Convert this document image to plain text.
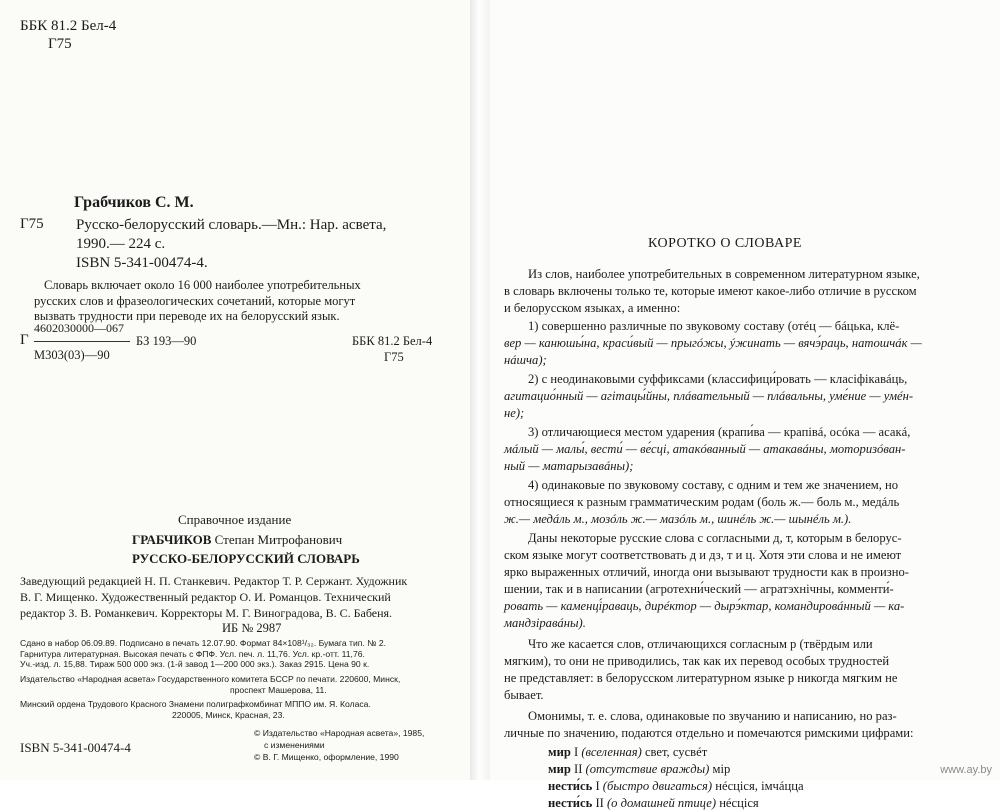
ББК 81.2 Бел-4
Г75
Грабчиков С. М.
Г75 Русско-белорусский словарь.—Мн.: Нар. асвета,
1990.— 224 с.
ISBN 5-341-00474-4.
Словарь включает около 16 000 наиболее употребительных
русских слов и фразеологических сочетаний, которые могут
вызвать трудности при переводе их на белорусский язык.
4602030000—067
Г	БЗ 193—90
М303(03)—90
ББК 81.2 Бел-4
Г75
Справочное издание
ГРАБЧИКОВ Степан Митрофанович
РУССКО-БЕЛОРУССКИЙ СЛОВАРЬ
Заведующий редакцией Н. П. Станкевич. Редактор Т. Р. Сержант. Художник
В. Г. Мищенко. Художественный редактор О. И. Романцов. Технический
редактор З. В. Романкевич. Корректоры М. Г. Виноградова, В. С. Бабеня.
ИБ № 2987
Сдано в набор 06.09.89. Подписано в печать 12.07.90. Формат 84×108¹/₃₂. Бумага тип. № 2.
Гарнитура литературная. Высокая печать с ФПФ. Усл. печ. л. 11,76. Усл. кр.-отт. 11,76.
Уч.-изд. л. 15,88. Тираж 500 000 экз. (1-й завод 1—200 000 экз.). Заказ 2915. Цена 90 к.
Издательство «Народная асвета» Государственного комитета БССР по печати. 220600, Минск,
проспект Машерова, 11.
Минский ордена Трудового Красного Знамени полиграфкомбинат МППО им. Я. Коласа.
220005, Минск, Красная, 23.
ISBN 5-341-00474-4
© Издательство «Народная асвета», 1985,
с изменениями
© В. Г. Мищенко, оформление, 1990
КОРОТКО О СЛОВАРЕ
Из слов, наиболее употребительных в современном литературном языке,
в словарь включены только те, которые имеют какое-либо отличие в русском
и белорусском языках, а именно:
1) совершенно различные по звуковому составу (отéц — бáцька, клё-
вер — канюшы́на, краси́вый — прыгóжы, ýжинать — вячэ́раць, натошчáк —
нáшча);
2) с неодинаковыми суффиксами (классифици́ровать — класіфікавáць,
агитацио́нный — агітацы́йны, плáвательный — плáвальны, уме́ние — умéн-
не);
3) отличающиеся местом ударения (крапи́ва — крапівá, осóка — асакá,
мáлый — малы́, вести́ — ве́сці, атакóванный — атакавáны, моторизóван-
ный — матарызавáны);
4) одинаковые по звуковому составу, с одним и тем же значением, но
относящиеся к разным грамматическим родам (боль ж.— боль м., медáль
ж.— медáль м., мозóль ж.— мазóль м., шинéль ж.— шынéль м.).
Даны некоторые русские слова с согласными д, т, которым в белорус-
ском языке могут соответствовать д и дз, т и ц. Хотя эти слова и не имеют
ярко выраженных отличий, иногда они вызывают трудности как в произно-
шении, так и в написании (агротехни́ческий — агратэхнічны, комменти́-
ровать — каменці́раваць, дирéктор — дырэ́ктар, командировáнный — ка-
мандзіравáны).
Что же касается слов, отличающихся согласным р (твёрдым или
мягким), то они не приводились, так как их перевод особых трудностей
не представляет: в белорусском литературном языке р никогда мягким не
бывает.
Омонимы, т. е. слова, одинаковые по звучанию и написанию, но раз-
личные по значению, подаются отдельно и помечаются римскими цифрами:
мир I (вселенная) свет, сусвéт
мир II (отсутствие вражды) мір
нести́сь I (быстро двигаться) нéсціся, імчáцца
нести́сь II (о домашней птице) нéсціся
www.ay.by
